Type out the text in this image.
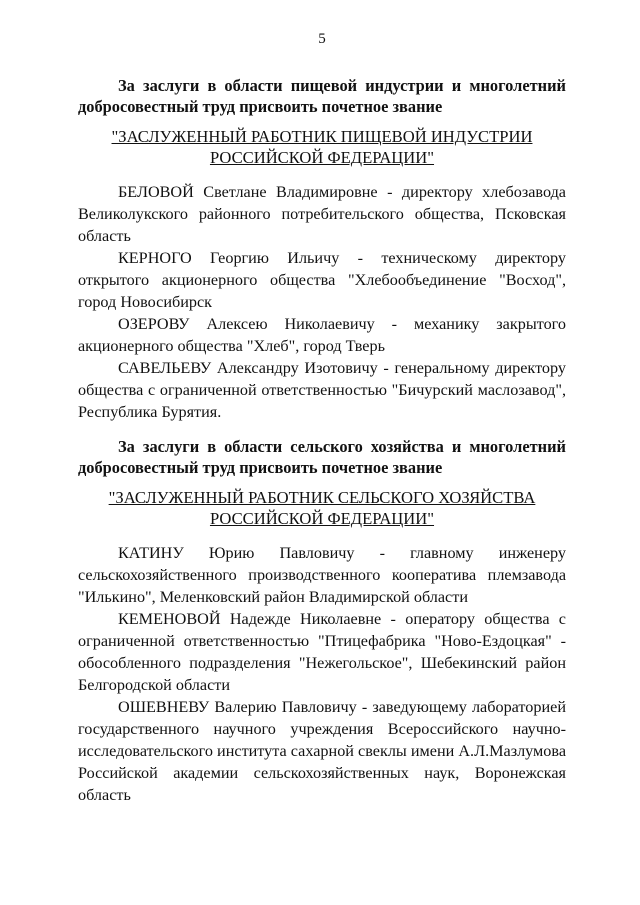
5

За заслуги в области пищевой индустрии и многолетний
добросовестный труд присвоить почетное звание

"ЗАСЛУЖЕННЫЙ РАБОТНИК ПИЩЕВОЙ ИНДУСТРИИ
РОССИЙСКОЙ ФЕДЕРАЦИИ"

БЕЛОВОЙ Светлане Владимировне - директору хлебозавода Великолукского районного потребительского общества, Псковская область

КЕРНОГО Георгию Ильичу - техническому директору открытого акционерного общества "Хлебообъединение "Восход", город Новосибирск

ОЗЕРОВУ Алексею Николаевичу - механику закрытого акционерного общества "Хлеб", город Тверь

САВЕЛЬЕВУ Александру Изотовичу - генеральному директору общества с ограниченной ответственностью "Бичурский маслозавод", Республика Бурятия.

За заслуги в области сельского хозяйства и многолетний
добросовестный труд присвоить почетное звание

"ЗАСЛУЖЕННЫЙ РАБОТНИК СЕЛЬСКОГО ХОЗЯЙСТВА
РОССИЙСКОЙ ФЕДЕРАЦИИ"

КАТИНУ Юрию Павловичу - главному инженеру сельскохозяйственного производственного кооператива племзавода "Илькино", Меленковский район Владимирской области

КЕМЕНОВОЙ Надежде Николаевне - оператору общества с ограниченной ответственностью "Птицефабрика "Ново-Ездоцкая" - обособленного подразделения "Нежегольское", Шебекинский район Белгородской области

ОШЕВНЕВУ Валерию Павловичу - заведующему лабораторией государственного научного учреждения Всероссийского научно-исследовательского института сахарной свеклы имени А.Л.Мазлумова Российской академии сельскохозяйственных наук, Воронежская область
